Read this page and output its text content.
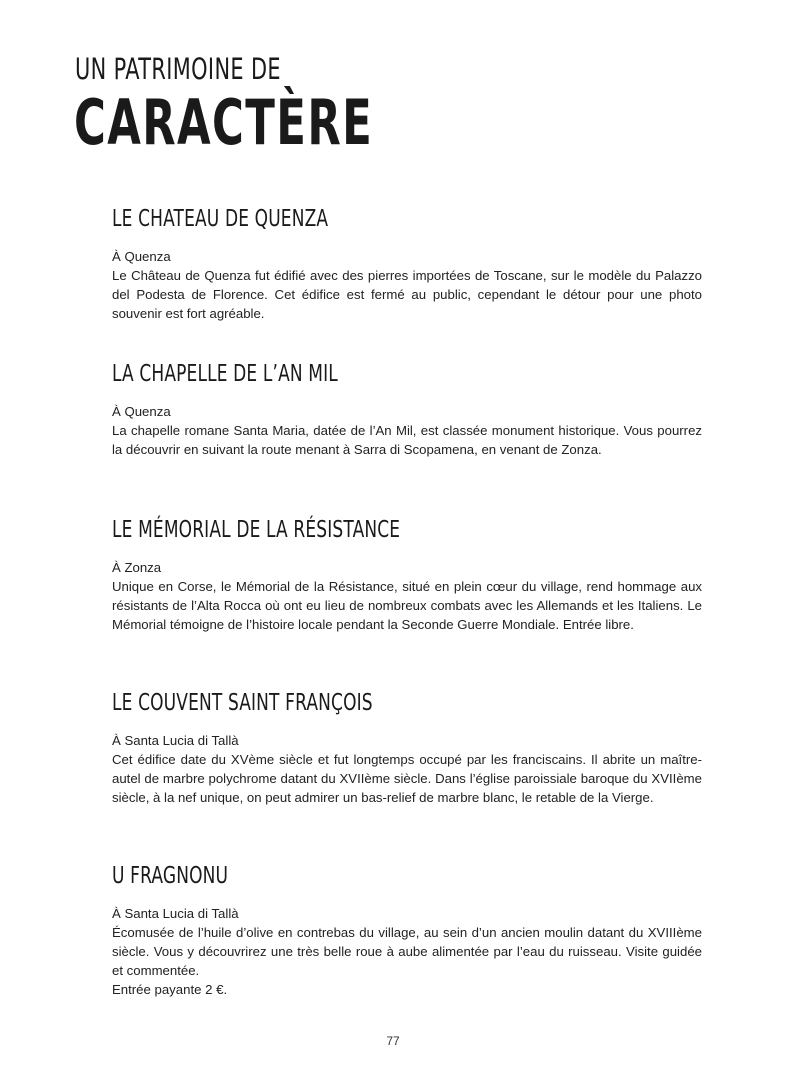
UN PATRIMOINE DE
CARACTÈRE
LE CHATEAU DE QUENZA
À Quenza
Le Château de Quenza fut édifié avec des pierres importées de Toscane, sur le modèle du Palazzo del Podesta de Florence. Cet édifice est fermé au public, cependant le détour pour une photo souvenir est fort agréable.
LA CHAPELLE DE L’AN MIL
À Quenza
La chapelle romane Santa Maria, datée de l’An Mil, est classée monument historique. Vous pourrez la découvrir en suivant la route menant à Sarra di Scopamena, en venant de Zonza.
LE MÉMORIAL DE LA RÉSISTANCE
À Zonza
Unique en Corse, le Mémorial de la Résistance, situé en plein cœur du village, rend hommage aux résistants de l’Alta Rocca où ont eu lieu de nombreux combats avec les Allemands et les Italiens. Le Mémorial témoigne de l’histoire locale pendant la Seconde Guerre Mondiale. Entrée libre.
LE COUVENT SAINT FRANÇOIS
À Santa Lucia di Tallà
Cet édifice date du XVème siècle et fut longtemps occupé par les franciscains. Il abrite un maître-autel de marbre polychrome datant du XVIIème siècle. Dans l’église paroissiale baroque du XVIIème siècle, à la nef unique, on peut admirer un bas-relief de marbre blanc, le retable de la Vierge.
U FRAGNONU
À Santa Lucia di Tallà
Écomusée de l’huile d’olive en contrebas du village, au sein d’un ancien moulin datant du XVIIIème siècle. Vous y découvrirez une très belle roue à aube alimentée par l’eau du ruisseau. Visite guidée et commentée.
Entrée payante 2 €.
77
